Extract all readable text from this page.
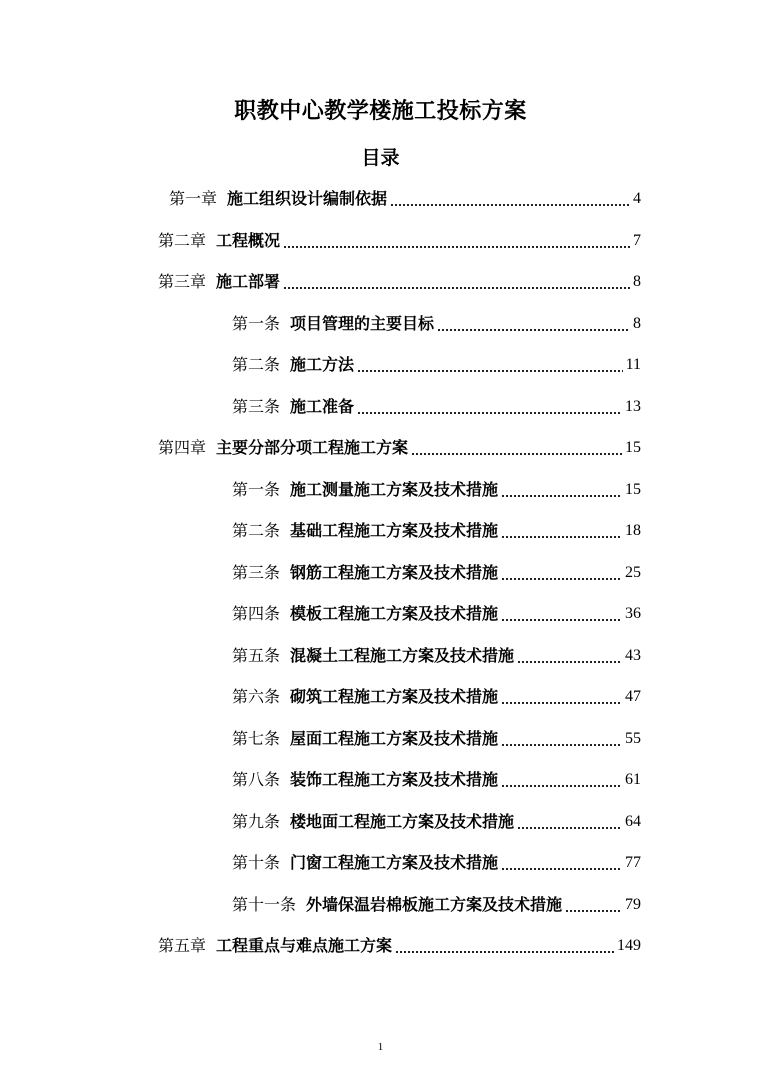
职教中心教学楼施工投标方案
目录
第一章 施工组织设计编制依据	4
第二章 工程概况	7
第三章 施工部署	8
第一条 项目管理的主要目标	8
第二条 施工方法	11
第三条 施工准备	13
第四章 主要分部分项工程施工方案	15
第一条 施工测量施工方案及技术措施	15
第二条 基础工程施工方案及技术措施	18
第三条 钢筋工程施工方案及技术措施	25
第四条 模板工程施工方案及技术措施	36
第五条 混凝土工程施工方案及技术措施	43
第六条 砌筑工程施工方案及技术措施	47
第七条 屋面工程施工方案及技术措施	55
第八条 装饰工程施工方案及技术措施	61
第九条 楼地面工程施工方案及技术措施	64
第十条 门窗工程施工方案及技术措施	77
第十一条 外墙保温岩棉板施工方案及技术措施	79
第五章 工程重点与难点施工方案	149
1
